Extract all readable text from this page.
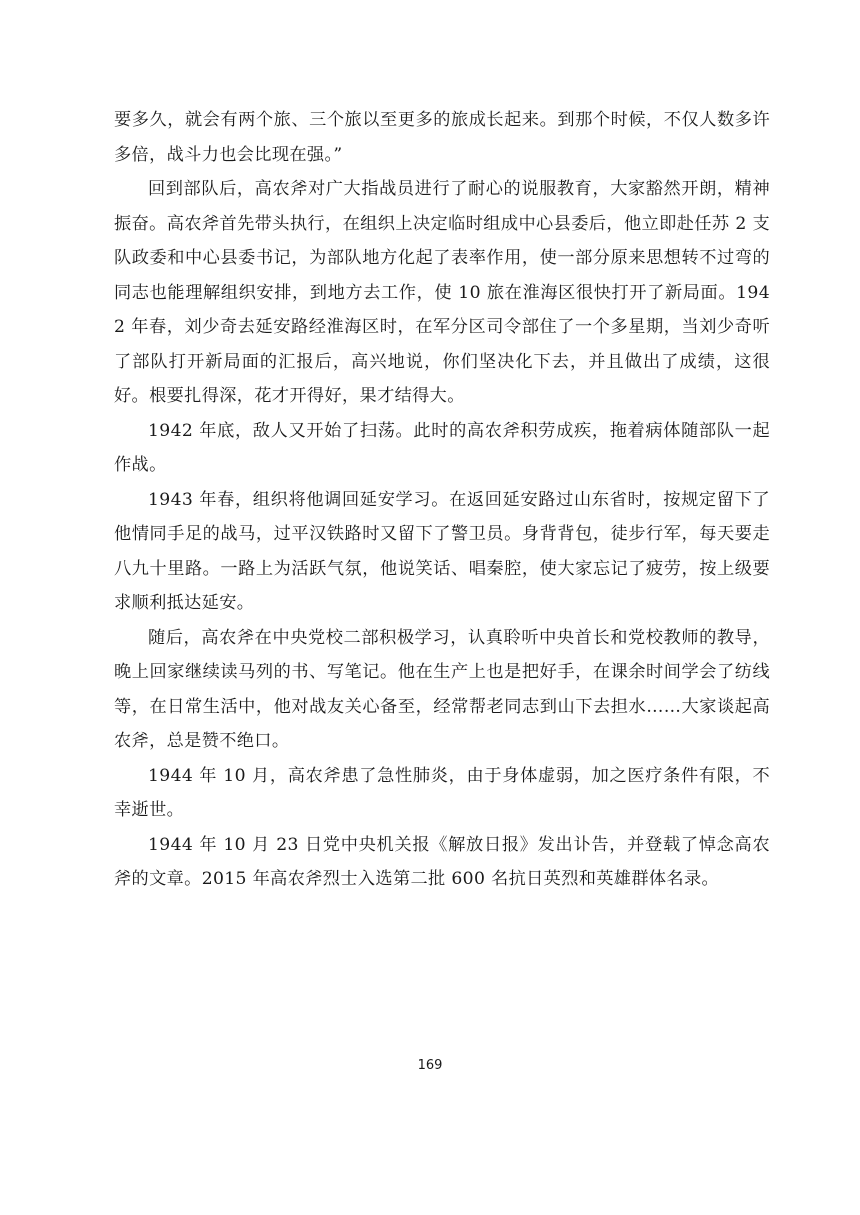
要多久，就会有两个旅、三个旅以至更多的旅成长起来。到那个时候，不仅人数多许多倍，战斗力也会比现在强。”

回到部队后，高农斧对广大指战员进行了耐心的说服教育，大家豁然开朗，精神振奋。高农斧首先带头执行，在组织上决定临时组成中心县委后，他立即赴任苏 2 支队政委和中心县委书记，为部队地方化起了表率作用，使一部分原来思想转不过弯的同志也能理解组织安排，到地方去工作，使 10 旅在淮海区很快打开了新局面。1942 年春，刘少奇去延安路经淮海区时，在军分区司令部住了一个多星期，当刘少奇听了部队打开新局面的汇报后，高兴地说，你们坚决化下去，并且做出了成绩，这很好。根要扎得深，花才开得好，果才结得大。

1942 年底，敌人又开始了扫荡。此时的高农斧积劳成疾，拖着病体随部队一起作战。

1943 年春，组织将他调回延安学习。在返回延安路过山东省时，按规定留下了他情同手足的战马，过平汉铁路时又留下了警卫员。身背背包，徒步行军，每天要走八九十里路。一路上为活跃气氛，他说笑话、唱秦腔，使大家忘记了疲劳，按上级要求顺利抵达延安。

随后，高农斧在中央党校二部积极学习，认真聆听中央首长和党校教师的教导，晚上回家继续读马列的书、写笔记。他在生产上也是把好手，在课余时间学会了纺线等，在日常生活中，他对战友关心备至，经常帮老同志到山下去担水……大家谈起高农斧，总是赞不绝口。

1944 年 10 月，高农斧患了急性肺炎，由于身体虚弱，加之医疗条件有限，不幸逝世。

1944 年 10 月 23 日党中央机关报《解放日报》发出讣告，并登载了悼念高农斧的文章。2015 年高农斧烈士入选第二批 600 名抗日英烈和英雄群体名录。

169
